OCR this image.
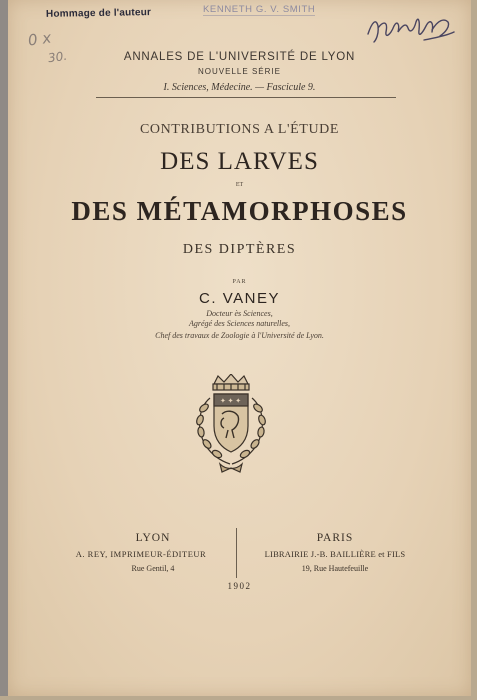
Hommage de l'auteur	KENNETH G. V. SMITH
0 x
30.	ANNALES DE L'UNIVERSITÉ DE LYON
NOUVELLE SÉRIE
I. Sciences, Médecine. — Fascicule 9.
CONTRIBUTIONS A L'ÉTUDE
DES LARVES
ET
DES MÉTAMORPHOSES
DES DIPTÈRES
PAR
C. VANEY
Docteur ès Sciences,
Agrégé des Sciences naturelles,
Chef des travaux de Zoologie à l'Université de Lyon.
✦ ✦ ✦
LYON	PARIS
A. REY, IMPRIMEUR-ÉDITEUR	LIBRAIRIE J.-B. BAILLIÈRE et FILS
Rue Gentil, 4	19, Rue Hautefeuille
1902
